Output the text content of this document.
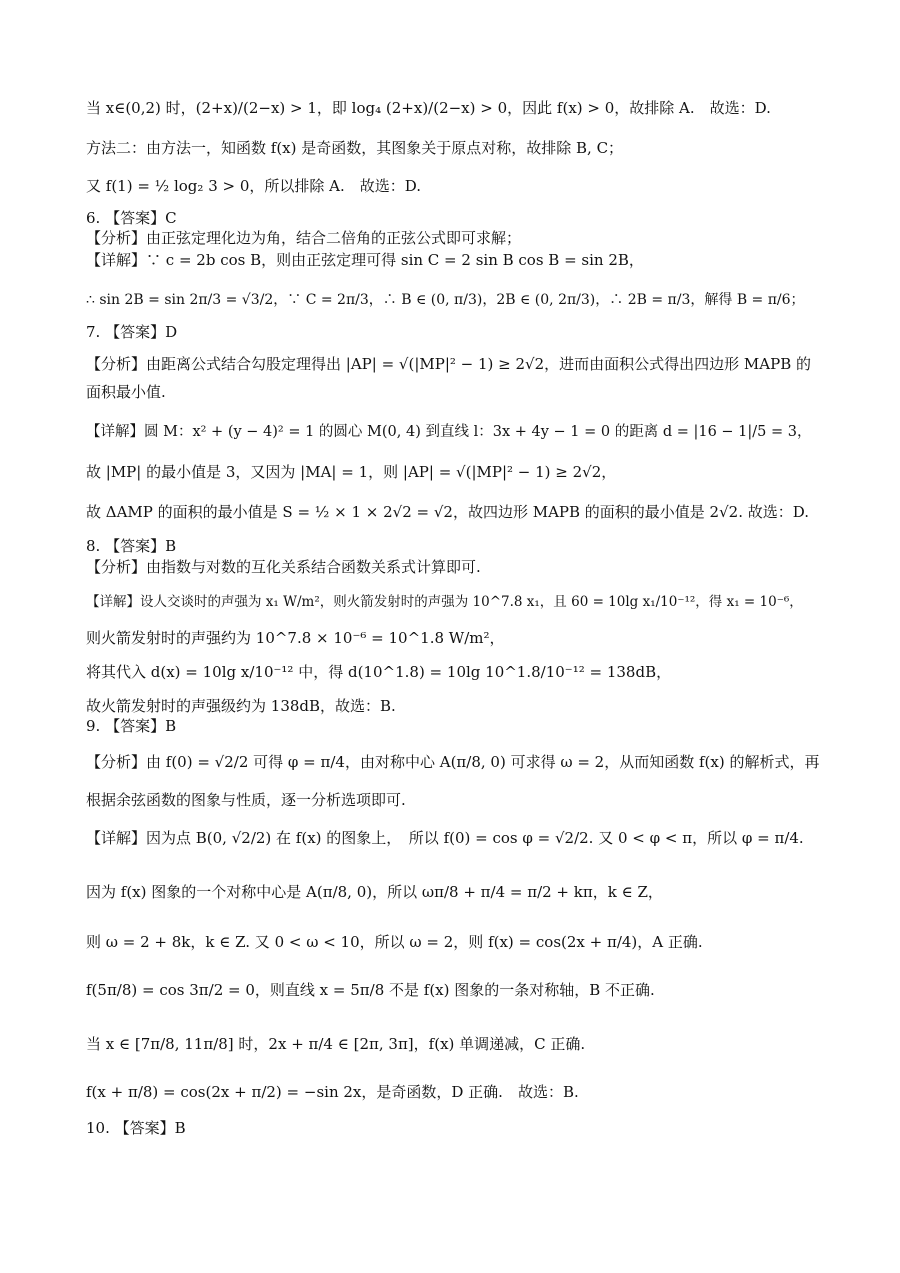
当 x∈(0,2) 时，(2+x)/(2−x) > 1，即 log₄ (2+x)/(2−x) > 0，因此 f(x) > 0，故排除 A.　故选：D.
方法二：由方法一，知函数 f(x) 是奇函数，其图象关于原点对称，故排除 B, C；
又 f(1) = ½ log₂ 3 > 0，所以排除 A.　故选：D.
6. 【答案】C
【分析】由正弦定理化边为角，结合二倍角的正弦公式即可求解；
【详解】∵ c = 2b cos B，则由正弦定理可得 sin C = 2 sin B cos B = sin 2B，
∴ sin 2B = sin 2π/3 = √3/2，∵ C = 2π/3，∴ B ∈ (0, π/3)，2B ∈ (0, 2π/3)，∴ 2B = π/3，解得 B = π/6；
7. 【答案】D
【分析】由距离公式结合勾股定理得出 |AP| = √(|MP|² − 1) ≥ 2√2，进而由面积公式得出四边形 MAPB 的
面积最小值.
【详解】圆 M：x² + (y − 4)² = 1 的圆心 M(0, 4) 到直线 l：3x + 4y − 1 = 0 的距离 d = |16 − 1|/5 = 3，
故 |MP| 的最小值是 3，又因为 |MA| = 1，则 |AP| = √(|MP|² − 1) ≥ 2√2，
故 ΔAMP 的面积的最小值是 S = ½ × 1 × 2√2 = √2，故四边形 MAPB 的面积的最小值是 2√2. 故选：D.
8. 【答案】B
【分析】由指数与对数的互化关系结合函数关系式计算即可.
【详解】设人交谈时的声强为 x₁ W/m²，则火箭发射时的声强为 10^7.8 x₁，且 60 = 10lg x₁/10⁻¹²，得 x₁ = 10⁻⁶，
则火箭发射时的声强约为 10^7.8 × 10⁻⁶ = 10^1.8 W/m²，
将其代入 d(x) = 10lg x/10⁻¹² 中，得 d(10^1.8) = 10lg 10^1.8/10⁻¹² = 138dB，
故火箭发射时的声强级约为 138dB，故选：B.
9. 【答案】B
【分析】由 f(0) = √2/2 可得 φ = π/4，由对称中心 A(π/8, 0) 可求得 ω = 2，从而知函数 f(x) 的解析式，再
根据余弦函数的图象与性质，逐一分析选项即可.
【详解】因为点 B(0, √2/2) 在 f(x) 的图象上，　所以 f(0) = cos φ = √2/2. 又 0 < φ < π，所以 φ = π/4.
因为 f(x) 图象的一个对称中心是 A(π/8, 0)，所以 ωπ/8 + π/4 = π/2 + kπ，k ∈ Z，
则 ω = 2 + 8k，k ∈ Z. 又 0 < ω < 10，所以 ω = 2，则 f(x) = cos(2x + π/4)，A 正确.
f(5π/8) = cos 3π/2 = 0，则直线 x = 5π/8 不是 f(x) 图象的一条对称轴，B 不正确.
当 x ∈ [7π/8, 11π/8] 时，2x + π/4 ∈ [2π, 3π]，f(x) 单调递减，C 正确.
f(x + π/8) = cos(2x + π/2) = −sin 2x，是奇函数，D 正确.　故选：B.
10. 【答案】B
